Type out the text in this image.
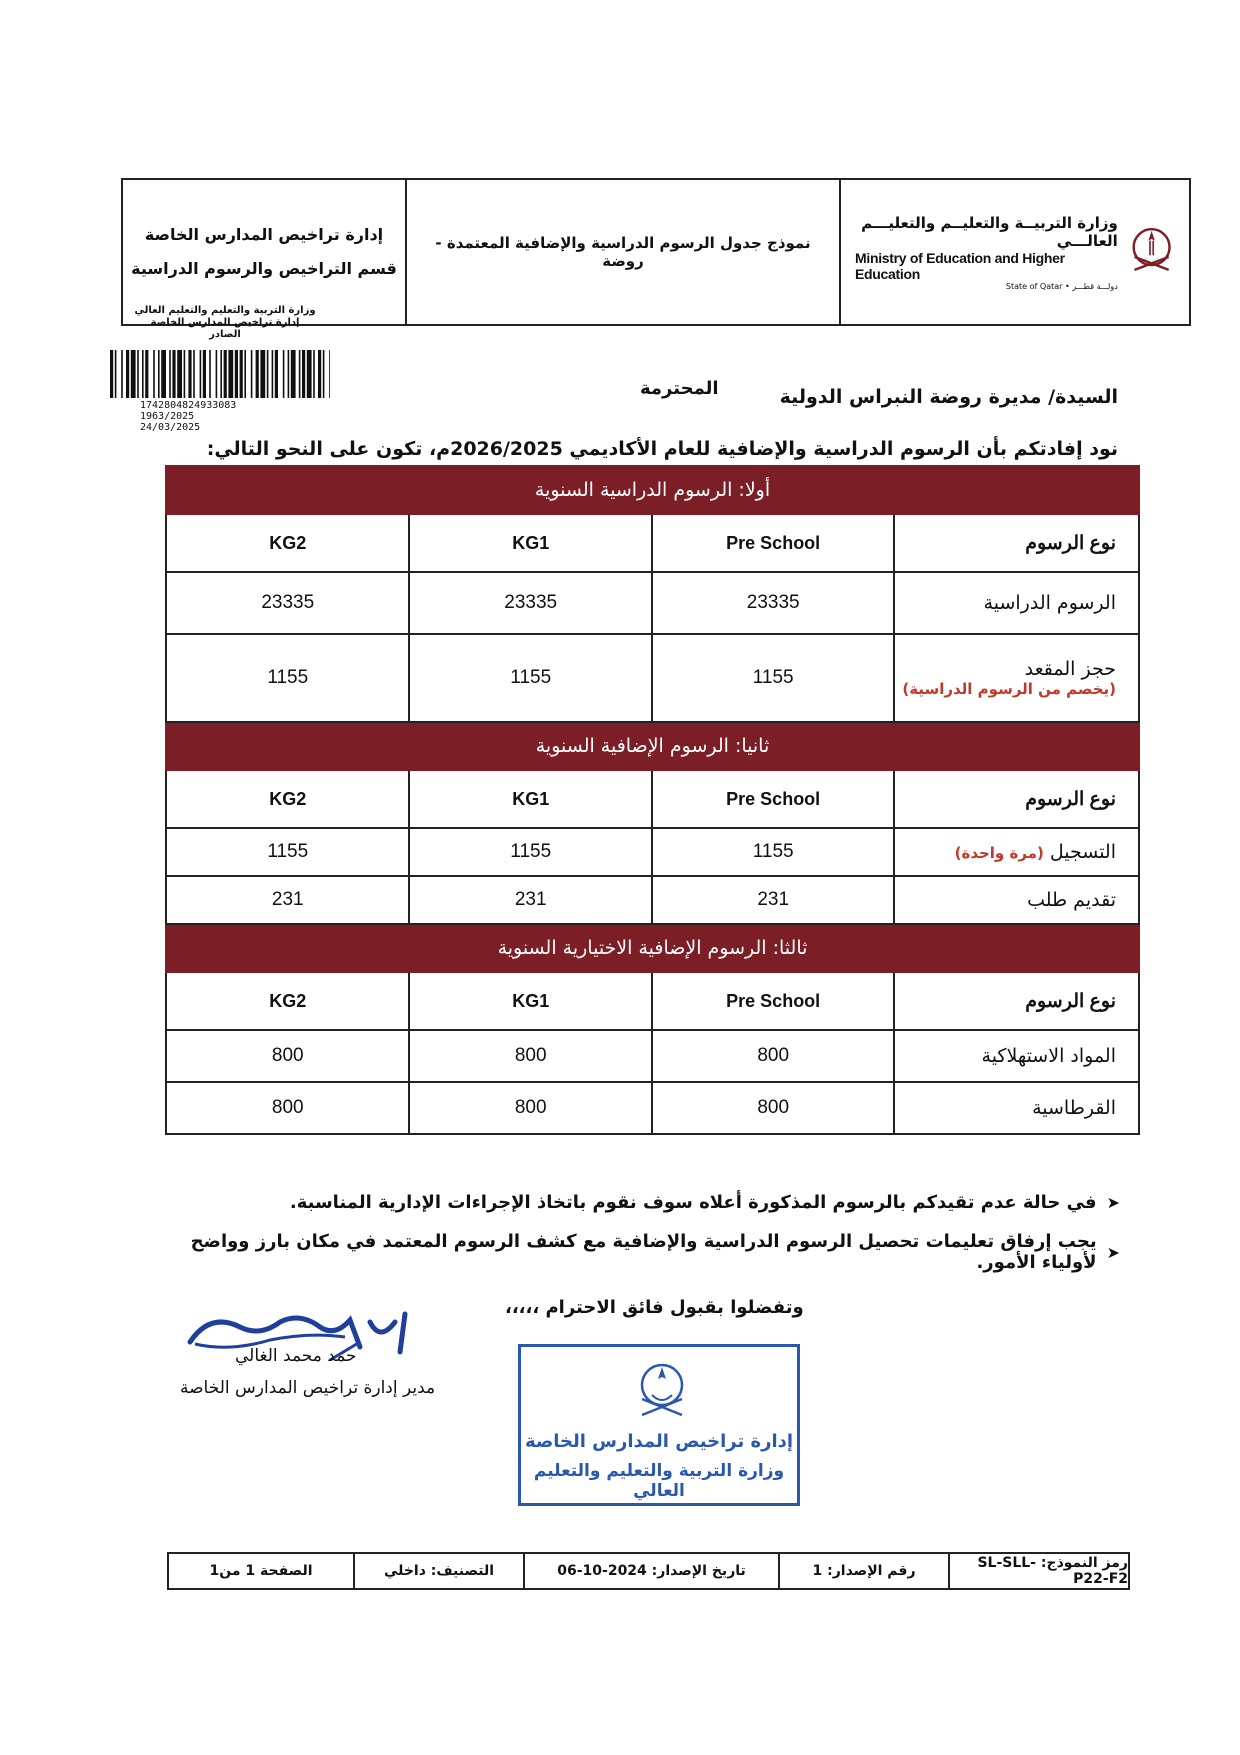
وزارة التربيــة والتعليــم والتعليـــم العالـــي
Ministry of Education and Higher Education
State of Qatar • دولـــة قطـــر
نموذج جدول الرسوم الدراسية والإضافية المعتمدة - روضة
إدارة تراخيص المدارس الخاصة
قسم التراخيص والرسوم الدراسية
وزارة التربية والتعليم والتعليم العالي
إدارة تراخيص المدارس الخاصة
الصادر
1742804824933083
1963/2025
24/03/2025
السيدة/ مديرة روضة النبراس الدولية
المحترمة
نود إفادتكم بأن الرسوم الدراسية والإضافية للعام الأكاديمي 2026/2025م، تكون على النحو التالي:
أولا: الرسوم الدراسية السنوية			
نوع الرسوم	Pre School	KG1	KG2
الرسوم الدراسية	23335	23335	23335

حجز المقعد
(يخصم من الرسوم الدراسية)	1155	1155	1155
ثانيا: الرسوم الإضافية السنوية			
نوع الرسوم	Pre School	KG1	KG2
التسجيل (مرة واحدة)	1155	1155	1155
تقديم طلب	231	231	231
ثالثا: الرسوم الإضافية الاختيارية السنوية			
نوع الرسوم	Pre School	KG1	KG2
المواد الاستهلاكية	800	800	800
القرطاسية	800	800	800
➤
في حالة عدم تقيدكم بالرسوم المذكورة أعلاه سوف نقوم باتخاذ الإجراءات الإدارية المناسبة.
➤
يجب إرفاق تعليمات تحصيل الرسوم الدراسية والإضافية مع كشف الرسوم المعتمد في مكان بارز وواضح لأولياء الأمور.
وتفضلوا بقبول فائق الاحترام ،،،،،
حمد محمد الغالي
مدير إدارة تراخيص المدارس الخاصة
إدارة تراخيص المدارس الخاصة
وزارة التربية والتعليم والتعليم العالي
رمز النموذج: SL-SLL-P22-F2
رقم الإصدار: 1
تاريخ الإصدار: 2024-10-06
التصنيف: داخلي
الصفحة 1 من1
